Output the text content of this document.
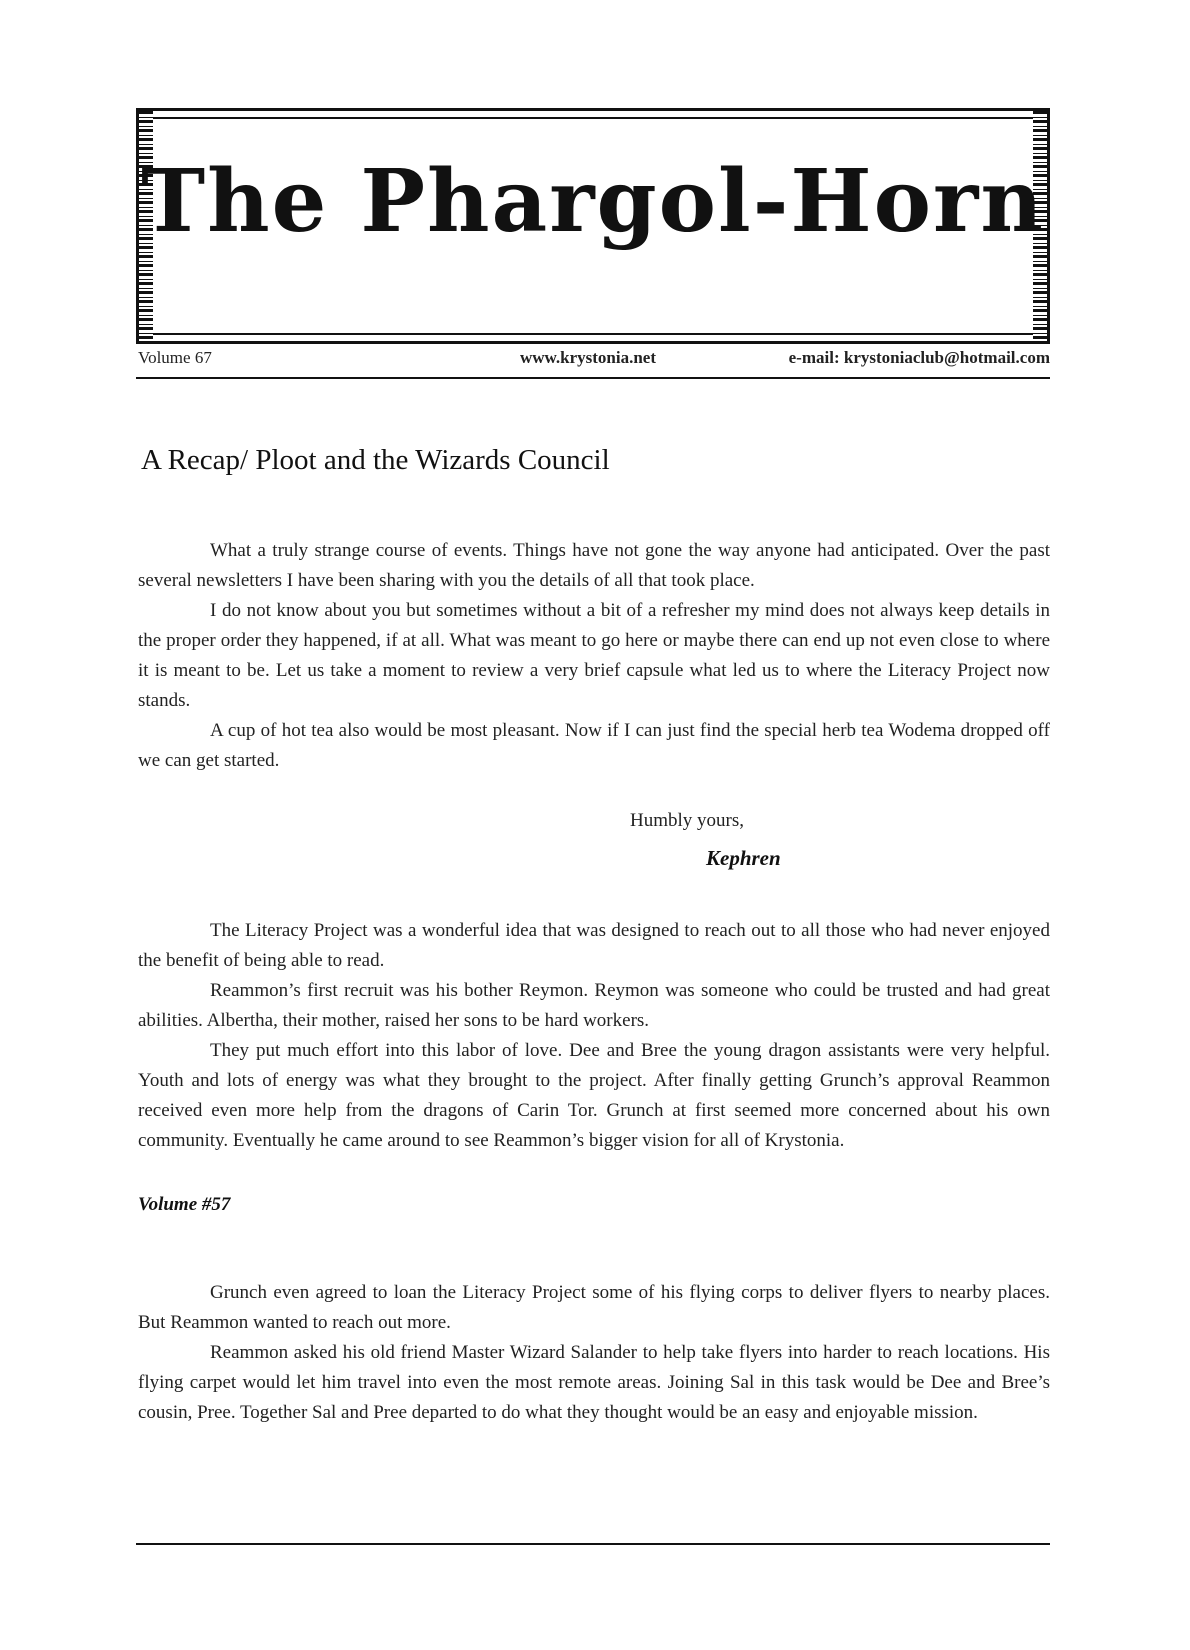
The Phargol-Horn
Volume 67	www.krystonia.net	e-mail: krystoniaclub@hotmail.com
A Recap/ Ploot and the Wizards Council

What a truly strange course of events. Things have not gone the way anyone had anticipated. Over the past several newsletters I have been sharing with you the details of all that took place.

I do not know about you but sometimes without a bit of a refresher my mind does not always keep details in the proper order they happened, if at all. What was meant to go here or maybe there can end up not even close to where it is meant to be. Let us take a moment to review a very brief capsule what led us to where the Literacy Project now stands.

A cup of hot tea also would be most pleasant. Now if I can just find the special herb tea Wodema dropped off we can get started.

Humbly yours,
Kephren

The Literacy Project was a wonderful idea that was designed to reach out to all those who had never enjoyed the benefit of being able to read.

Reammon’s first recruit was his bother Reymon. Reymon was someone who could be trusted and had great abilities. Albertha, their mother, raised her sons to be hard workers.

They put much effort into this labor of love. Dee and Bree the young dragon assistants were very helpful. Youth and lots of energy was what they brought to the project. After finally getting Grunch’s approval Reammon received even more help from the dragons of Carin Tor. Grunch at first seemed more concerned about his own community. Eventually he came around to see Reammon’s bigger vision for all of Krystonia.

Volume #57

Grunch even agreed to loan the Literacy Project some of his flying corps to deliver flyers to nearby places. But Reammon wanted to reach out more.

Reammon asked his old friend Master Wizard Salander to help take flyers into harder to reach locations. His flying carpet would let him travel into even the most remote areas. Joining Sal in this task would be Dee and Bree’s cousin, Pree. Together Sal and Pree departed to do what they thought would be an easy and enjoyable mission.
